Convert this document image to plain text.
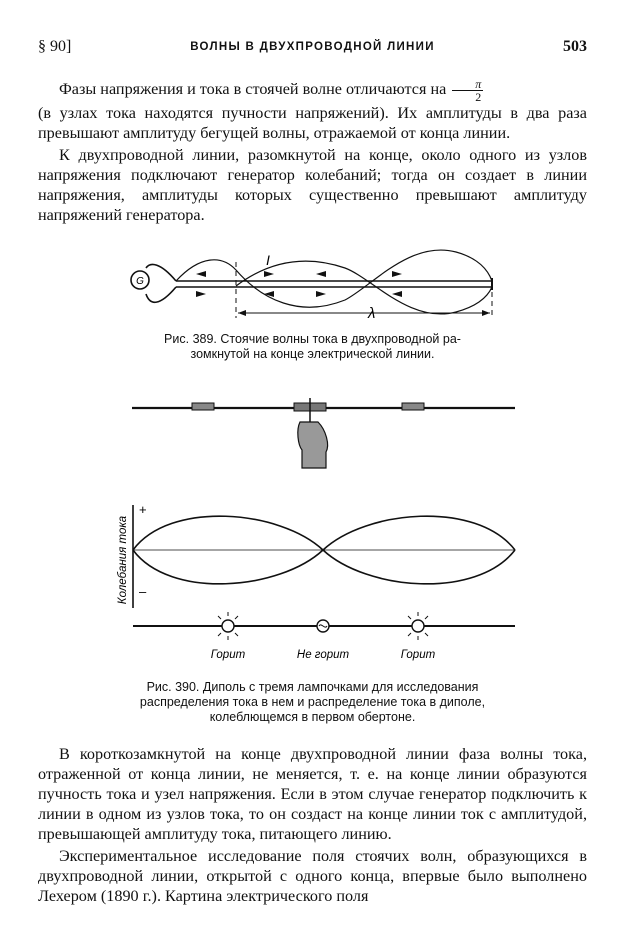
§ 90]	ВОЛНЫ В ДВУХПРОВОДНОЙ ЛИНИИ	503

Фазы напряжения и тока в стоячей волне отличаются на $\frac{\pi}{2}$

(в узлах тока находятся пучности напряжений). Их амплитуды в два раза превышают амплитуду бегущей волны, отражаемой от конца линии.

К двухпроводной линии, разомкнутой на конце, около одного из узлов напряжения подключают генератор колебаний; тогда он создает в линии напряжения, амплитуды которых существенно превышают амплитуду напряжений генератора.

G
I
λ
Рис. 389. Стоячие волны тока в двухпроводной ра-
зомкнутой на конце электрической линии.
Колебания тока
+
–
Горит	Не горит	Горит
Рис. 390. Диполь с тремя лампочками для исследования
распределения тока в нем и распределение тока в диполе,
колеблющемся в первом обертоне.

В короткозамкнутой на конце двухпроводной линии фаза волны тока, отраженной от конца линии, не меняется, т. е. на конце линии образуются пучность тока и узел напряжения. Если в этом случае генератор подключить к линии в одном из узлов тока, то он создаст на конце линии ток с амплитудой, превышающей амплитуду тока, питающего линию.

Экспериментальное исследование поля стоячих волн, образующихся в двухпроводной линии, открытой с одного конца, впервые было выполнено Лехером (1890 г.). Картина электрического поля
